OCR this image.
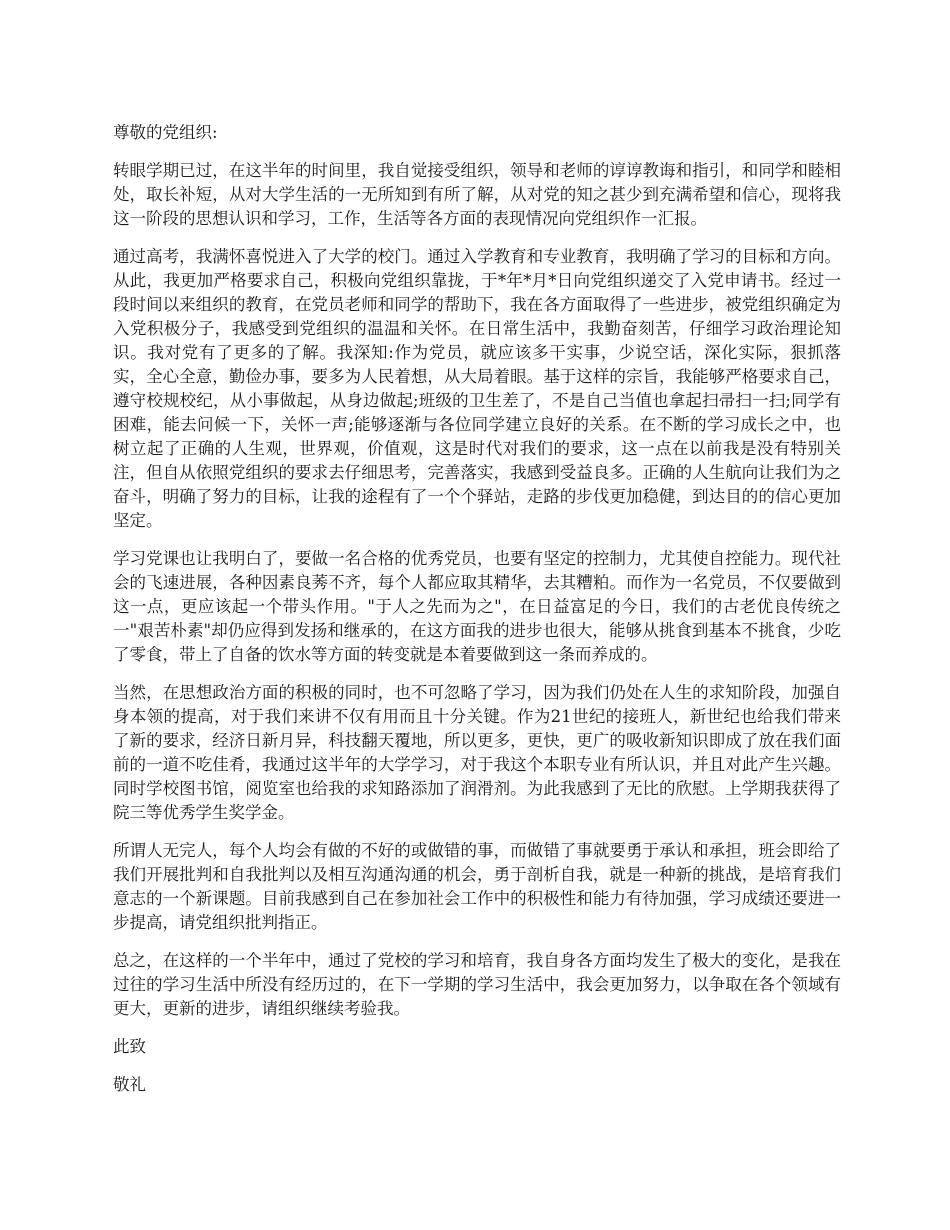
尊敬的党组织:

转眼学期已过，在这半年的时间里，我自觉接受组织，领导和老师的谆谆教诲和指引，和同学和睦相处，取长补短，从对大学生活的一无所知到有所了解，从对党的知之甚少到充满希望和信心，现将我这一阶段的思想认识和学习，工作，生活等各方面的表现情况向党组织作一汇报。

通过高考，我满怀喜悦进入了大学的校门。通过入学教育和专业教育，我明确了学习的目标和方向。从此，我更加严格要求自己，积极向党组织靠拢，于*年*月*日向党组织递交了入党申请书。经过一段时间以来组织的教育，在党员老师和同学的帮助下，我在各方面取得了一些进步，被党组织确定为入党积极分子，我感受到党组织的温温和关怀。在日常生活中，我勤奋刻苦，仔细学习政治理论知识。我对党有了更多的了解。我深知:作为党员，就应该多干实事，少说空话，深化实际，狠抓落实，全心全意，勤俭办事，要多为人民着想，从大局着眼。基于这样的宗旨，我能够严格要求自己，遵守校规校纪，从小事做起，从身边做起;班级的卫生差了，不是自己当值也拿起扫帚扫一扫;同学有困难，能去问候一下，关怀一声;能够逐渐与各位同学建立良好的关系。在不断的学习成长之中，也树立起了正确的人生观，世界观，价值观，这是时代对我们的要求，这一点在以前我是没有特别关注，但自从依照党组织的要求去仔细思考，完善落实，我感到受益良多。正确的人生航向让我们为之奋斗，明确了努力的目标，让我的途程有了一个个驿站，走路的步伐更加稳健，到达目的的信心更加坚定。

学习党课也让我明白了，要做一名合格的优秀党员，也要有坚定的控制力，尤其使自控能力。现代社会的飞速进展，各种因素良莠不齐，每个人都应取其精华，去其糟粕。而作为一名党员，不仅要做到这一点，更应该起一个带头作用。"于人之先而为之"，在日益富足的今日，我们的古老优良传统之一"艰苦朴素"却仍应得到发扬和继承的，在这方面我的进步也很大，能够从挑食到基本不挑食，少吃了零食，带上了自备的饮水等方面的转变就是本着要做到这一条而养成的。

当然，在思想政治方面的积极的同时，也不可忽略了学习，因为我们仍处在人生的求知阶段，加强自身本领的提高，对于我们来讲不仅有用而且十分关键。作为21世纪的接班人，新世纪也给我们带来了新的要求，经济日新月异，科技翻天覆地，所以更多，更快，更广的吸收新知识即成了放在我们面前的一道不吃佳肴，我通过这半年的大学学习，对于我这个本职专业有所认识，并且对此产生兴趣。同时学校图书馆，阅览室也给我的求知路添加了润滑剂。为此我感到了无比的欣慰。上学期我获得了院三等优秀学生奖学金。

所谓人无完人，每个人均会有做的不好的或做错的事，而做错了事就要勇于承认和承担，班会即给了我们开展批判和自我批判以及相互沟通沟通的机会，勇于剖析自我，就是一种新的挑战，是培育我们意志的一个新课题。目前我感到自己在参加社会工作中的积极性和能力有待加强，学习成绩还要进一步提高，请党组织批判指正。

总之，在这样的一个半年中，通过了党校的学习和培育，我自身各方面均发生了极大的变化，是我在过往的学习生活中所没有经历过的，在下一学期的学习生活中，我会更加努力，以争取在各个领域有更大，更新的进步，请组织继续考验我。

此致

敬礼
